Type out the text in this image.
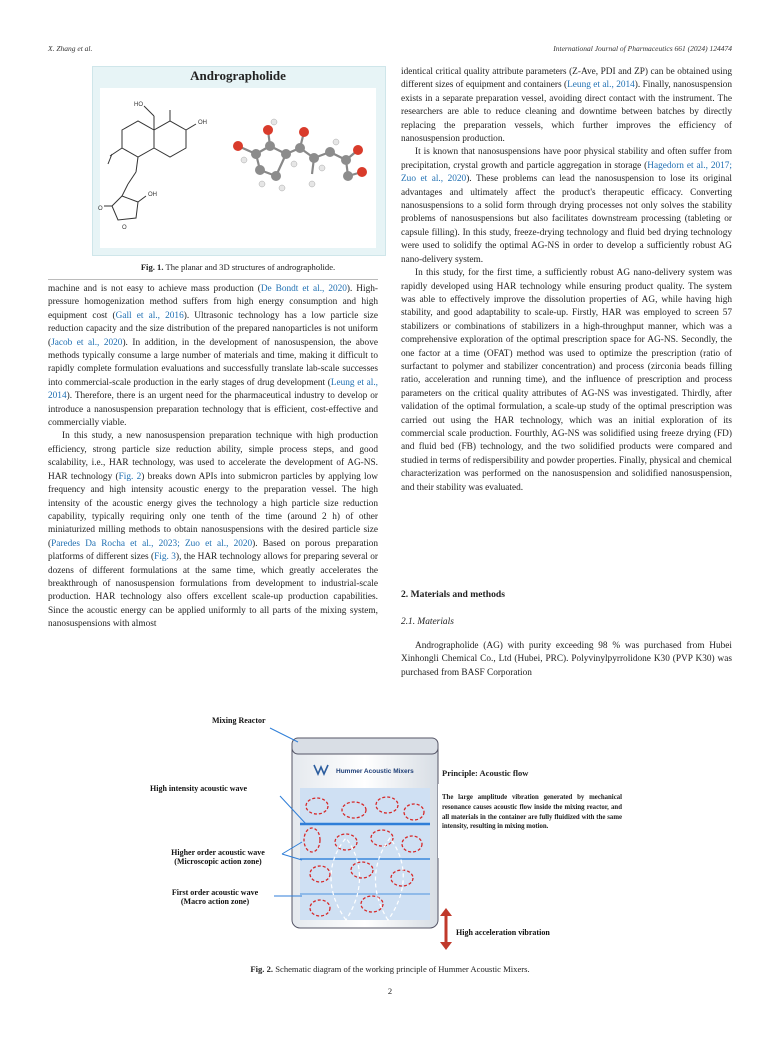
X. Zhang et al.	International Journal of Pharmaceutics 661 (2024) 124474
Andrographolide
HO
OH
O
O
OH
Fig. 1. The planar and 3D structures of andrographolide.

machine and is not easy to achieve mass production (De Bondt et al., 2020). High-pressure homogenization method suffers from high energy consumption and high equipment cost (Gall et al., 2016). Ultrasonic technology has a low particle size reduction capacity and the size distribution of the prepared nanoparticles is not uniform (Jacob et al., 2020). In addition, in the development of nanosuspension, the above methods typically consume a large number of materials and time, making it difficult to rapidly complete formulation evaluations and successfully translate lab-scale successes into commercial-scale production in the early stages of drug development (Leung et al., 2014). Therefore, there is an urgent need for the pharmaceutical industry to develop or introduce a nanosuspension preparation technology that is efficient, cost-effective and commercially viable.

In this study, a new nanosuspension preparation technique with high production efficiency, strong particle size reduction ability, simple process steps, and good scalability, i.e., HAR technology, was used to accelerate the development of AG-NS. HAR technology (Fig. 2) breaks down APIs into submicron particles by applying low frequency and high intensity acoustic energy to the preparation vessel. The high intensity of the acoustic energy gives the technology a high particle size reduction capability, typically requiring only one tenth of the time (around 2 h) of other miniaturized milling methods to obtain nanosuspensions with the desired particle size (Paredes Da Rocha et al., 2023; Zuo et al., 2020). Based on porous preparation platforms of different sizes (Fig. 3), the HAR technology allows for preparing several or dozens of different formulations at the same time, which greatly accelerates the breakthrough of nanosuspension formulations from development to industrial-scale production. HAR technology also offers excellent scale-up production capabilities. Since the acoustic energy can be applied uniformly to all parts of the mixing system, nanosuspensions with almost

identical critical quality attribute parameters (Z-Ave, PDI and ZP) can be obtained using different sizes of equipment and containers (Leung et al., 2014). Finally, nanosuspension exists in a separate preparation vessel, avoiding direct contact with the instrument. The researchers are able to reduce cleaning and downtime between batches by directly replacing the preparation vessels, which further improves the efficiency of nanosuspension production.

It is known that nanosuspensions have poor physical stability and often suffer from precipitation, crystal growth and particle aggregation in storage (Hagedorn et al., 2017; Zuo et al., 2020). These problems can lead the nanosuspension to lose its original advantages and ultimately affect the product's therapeutic efficacy. Converting nanosuspensions to a solid form through drying processes not only solves the stability problems of nanosuspensions but also facilitates downstream processing (tableting or capsule filling). In this study, freeze-drying technology and fluid bed drying technology were used to solidify the optimal AG-NS in order to develop a sufficiently robust AG nano-delivery system.

In this study, for the first time, a sufficiently robust AG nano-delivery system was rapidly developed using HAR technology while ensuring product quality. The system was able to effectively improve the dissolution properties of AG, while having high stability, and good adaptability to scale-up. Firstly, HAR was employed to screen 57 stabilizers or combinations of stabilizers in a high-throughput manner, which was a comprehensive exploration of the optimal prescription space for AG-NS. Secondly, the one factor at a time (OFAT) method was used to optimize the prescription (ratio of surfactant to polymer and stabilizer concentration) and process (zirconia beads filling ratio, acceleration and running time), and the influence of prescription and process parameters on the critical quality attributes of AG-NS was investigated. Thirdly, after validation of the optimal formulation, a scale-up study of the optimal prescription was carried out using the HAR technology, which was an initial exploration of its commercial scale production. Fourthly, AG-NS was solidified using freeze drying (FD) and fluid bed (FB) technology, and the two solidified products were compared and studied in terms of redispersibility and powder properties. Finally, physical and chemical characterization was performed on the nanosuspension and solidified nanosuspension, and their stability was evaluated.

2. Materials and methods
2.1. Materials

Andrographolide (AG) with purity exceeding 98 % was purchased from Hubei Xinhongli Chemical Co., Ltd (Hubei, PRC). Polyvinylpyrrolidone K30 (PVP K30) was purchased from BASF Corporation

Mixing Reactor
High intensity acoustic wave
Higher order acoustic wave
(Microscopic action zone)
First order acoustic wave
(Macro action zone)
Hummer Acoustic Mixers	Principle: Acoustic flow
The large amplitude vibration generated by mechanical resonance causes acoustic flow inside the mixing reactor, and all materials in the container are fully fluidized with the same intensity, resulting in mixing motion.
High acceleration vibration
Fig. 2. Schematic diagram of the working principle of Hummer Acoustic Mixers.
2
